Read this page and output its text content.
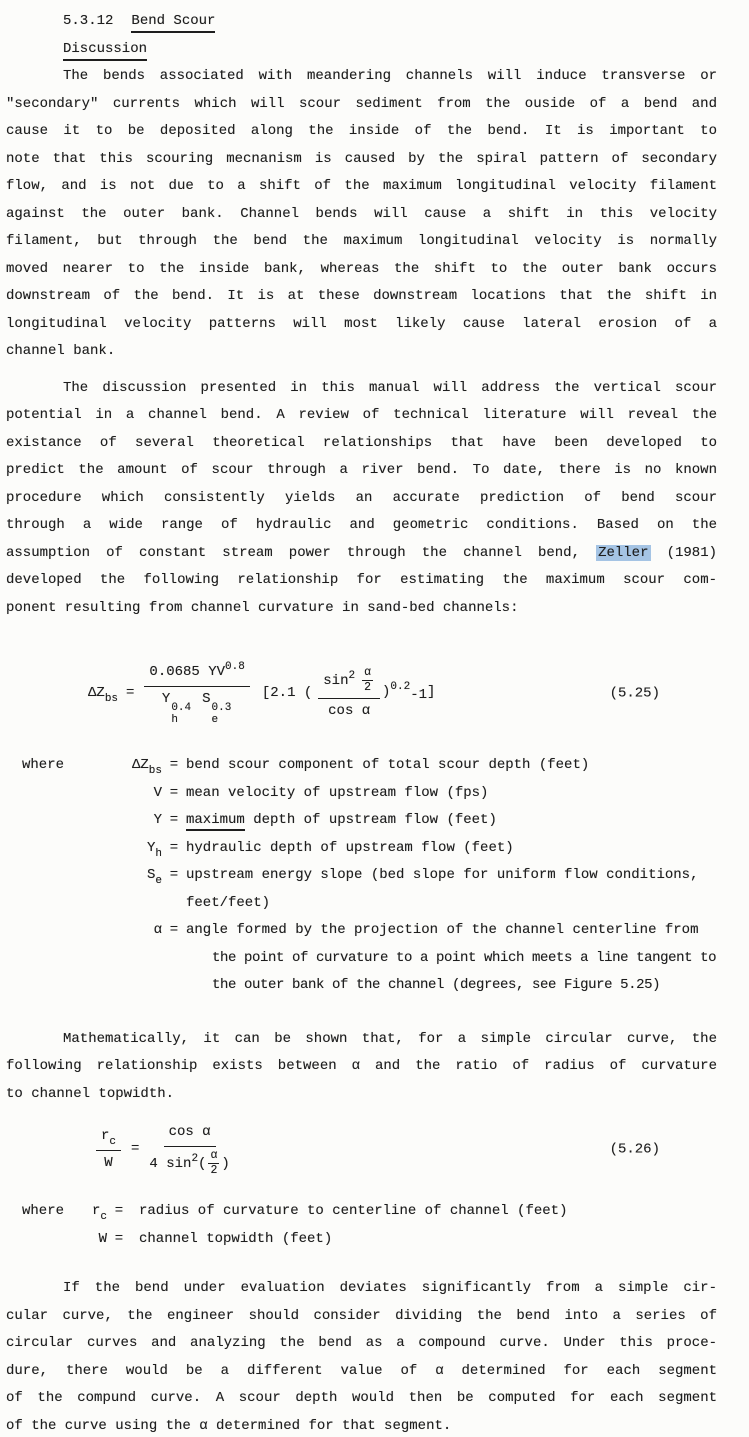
5.3.12 Bend Scour
Discussion
The bends associated with meandering channels will induce transverse or
"secondary" currents which will scour sediment from the ouside of a bend and
cause it to be deposited along the inside of the bend. It is important to
note that this scouring mecnanism is caused by the spiral pattern of secondary
flow, and is not due to a shift of the maximum longitudinal velocity filament
against the outer bank. Channel bends will cause a shift in this velocity
filament, but through the bend the maximum longitudinal velocity is normally
moved nearer to the inside bank, whereas the shift to the outer bank occurs
downstream of the bend. It is at these downstream locations that the shift in
longitudinal velocity patterns will most likely cause lateral erosion of a
channel bank.
The discussion presented in this manual will address the vertical scour
potential in a channel bend. A review of technical literature will reveal the
existance of several theoretical relationships that have been developed to
predict the amount of scour through a river bend. To date, there is no known
procedure which consistently yields an accurate prediction of bend scour
through a wide range of hydraulic and geometric conditions. Based on the
assumption of constant stream power through the channel bend, Zeller (1981)
developed the following relationship for estimating the maximum scour com-
ponent resulting from channel curvature in sand-bed channels:
$\Delta Z_{bs} = 0.0685$ $YV^{0.8}$
Y
0.4
h
S
0.3
e [2.1 ( $\frac{\sin^2 \frac{\alpha}{2}}{\text{cos α}} )^{0.2}-1$]	(5.25)
where	$\Delta Z_{bs}$ = bend scour component of total scour depth (feet)
V = mean velocity of upstream flow (fps)
Y = maximum depth of upstream flow (feet)
$Y_h$ = hydraulic depth of upstream flow (feet)
$S_e$ = upstream energy slope (bed slope for uniform flow conditions,
feet/feet)
α = angle formed by the projection of the channel centerline from
the point of curvature to a point which meets a line tangent to
the outer bank of the channel (degrees, see Figure 5.25)
Mathematically, it can be shown that, for a simple circular curve, the
following relationship exists between α and the ratio of radius of curvature
to channel topwidth.
$\frac{r_c}{W} = \frac{\text{cos α}}{4 \sin^2( \frac{\alpha}{2} )}$	(5.26)
where	$r_c$ =	radius of curvature to centerline of channel (feet)
W =	channel topwidth (feet)
If the bend under evaluation deviates significantly from a simple cir-
cular curve, the engineer should consider dividing the bend into a series of
circular curves and analyzing the bend as a compound curve. Under this proce-
dure, there would be a different value of α determined for each segment
of the compund curve. A scour depth would then be computed for each segment
of the curve using the α determined for that segment.
